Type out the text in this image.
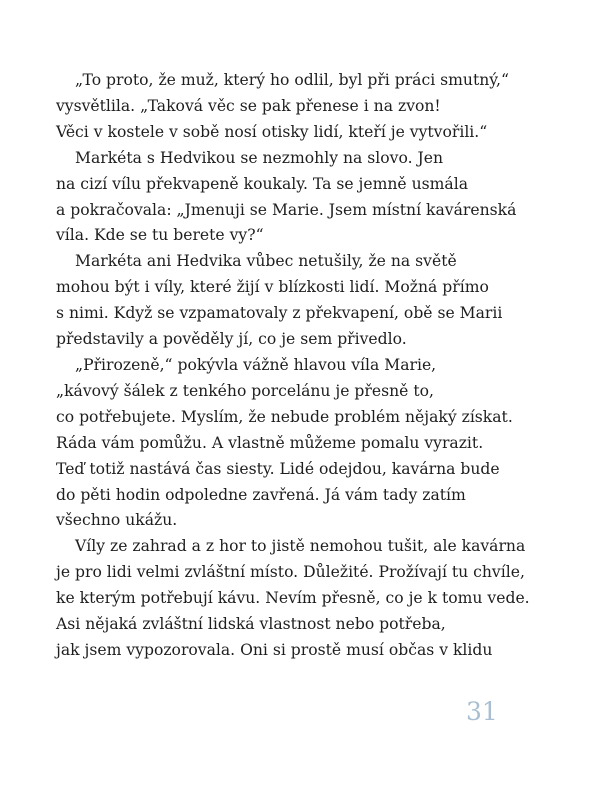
„To proto, že muž, který ho odlil, byl při práci smutný,“
vysvětlila. „Taková věc se pak přenese i na zvon!
Věci v kostele v sobě nosí otisky lidí, kteří je vytvořili.“
Markéta s Hedvikou se nezmohly na slovo. Jen
na cizí vílu překvapeně koukaly. Ta se jemně usmála
a pokračovala: „Jmenuji se Marie. Jsem místní kavárenská
víla. Kde se tu berete vy?“
Markéta ani Hedvika vůbec netušily, že na světě
mohou být i víly, které žijí v blízkosti lidí. Možná přímo
s nimi. Když se vzpamatovaly z překvapení, obě se Marii
představily a pověděly jí, co je sem přivedlo.
„Přirozeně,“ pokývla vážně hlavou víla Marie,
„kávový šálek z tenkého porcelánu je přesně to,
co potřebujete. Myslím, že nebude problém nějaký získat.
Ráda vám pomůžu. A vlastně můžeme pomalu vyrazit.
Teď totiž nastává čas siesty. Lidé odejdou, kavárna bude
do pěti hodin odpoledne zavřená. Já vám tady zatím
všechno ukážu.
Víly ze zahrad a z hor to jistě nemohou tušit, ale kavárna
je pro lidi velmi zvláštní místo. Důležité. Prožívají tu chvíle,
ke kterým potřebují kávu. Nevím přesně, co je k tomu vede.
Asi nějaká zvláštní lidská vlastnost nebo potřeba,
jak jsem vypozorovala. Oni si prostě musí občas v klidu
31
